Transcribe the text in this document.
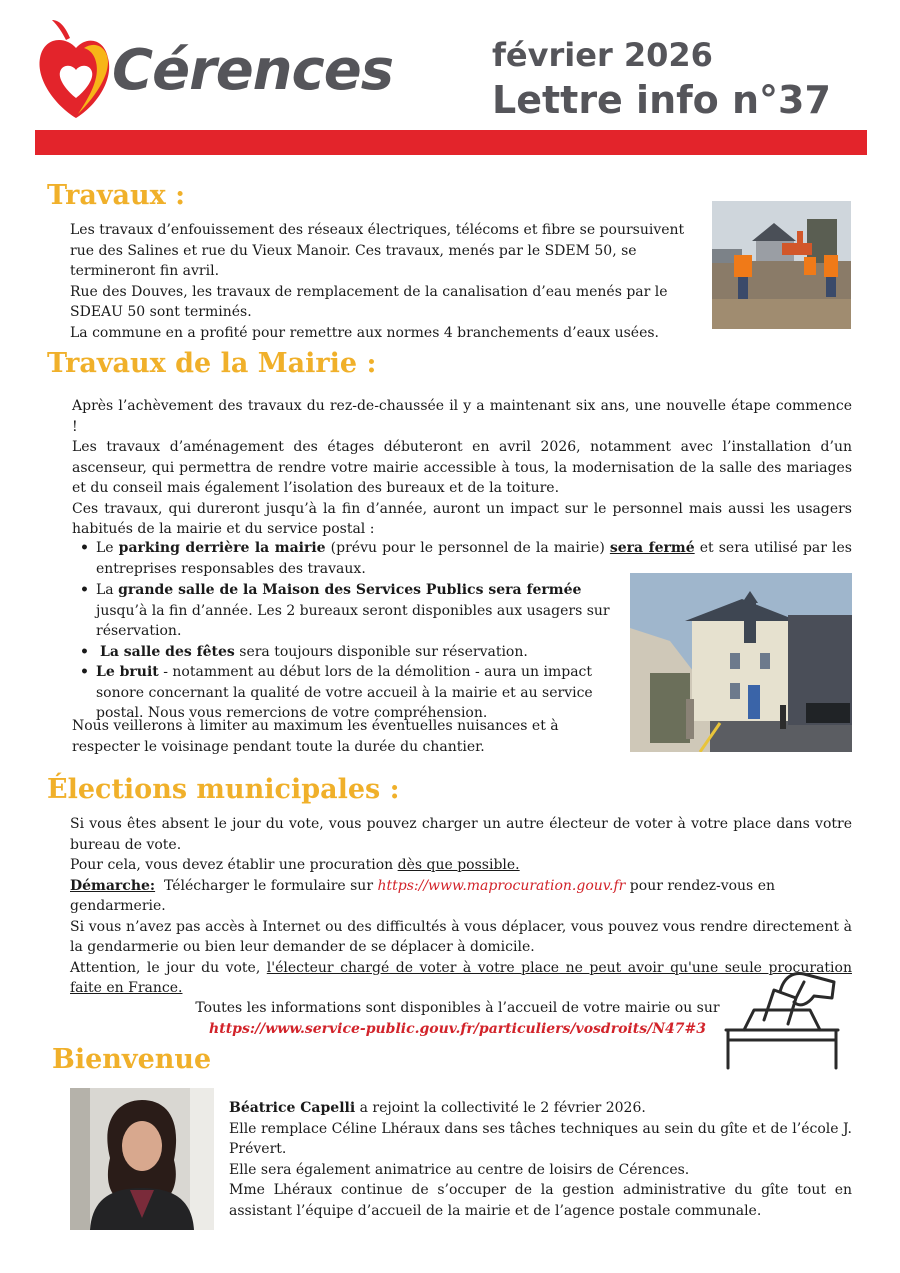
Cérences	février 2026
Lettre info n°37
Travaux :

Les travaux d’enfouissement des réseaux électriques, télécoms et fibre se poursuivent rue des Salines et rue du Vieux Manoir. Ces travaux, menés par le SDEM 50, se termineront fin avril.

Rue des Douves, les travaux de remplacement de la canalisation d’eau menés par le SDEAU 50 sont terminés.

La commune en a profité pour remettre aux normes 4 branchements d’eaux usées.

Travaux de la Mairie :

Après l’achèvement des travaux du rez-de-chaussée il y a maintenant six ans, une nouvelle étape commence !

Les travaux d’aménagement des étages débuteront en avril 2026, notamment avec l’installation d’un ascenseur, qui permettra de rendre votre mairie accessible à tous, la modernisation de la salle des mariages et du conseil mais également l’isolation des bureaux et de la toiture.

Ces travaux, qui dureront jusqu’à la fin d’année, auront un impact sur le personnel mais aussi les usagers habitués de la mairie et du service postal :

• Le parking derrière la mairie (prévu pour le personnel de la mairie) sera fermé et sera utilisé par les entreprises responsables des travaux.
• La grande salle de la Maison des Services Publics sera fermée jusqu’à la fin d’année. Les 2 bureaux seront disponibles aux usagers sur réservation.
• La salle des fêtes sera toujours disponible sur réservation.
• Le bruit - notamment au début lors de la démolition - aura un impact sonore concernant la qualité de votre accueil à la mairie et au service postal. Nous vous remercions de votre compréhension.
Nous veillerons à limiter au maximum les éventuelles nuisances et à respecter le voisinage pendant toute la durée du chantier.
Élections municipales :

Si vous êtes absent le jour du vote, vous pouvez charger un autre électeur de voter à votre place dans votre bureau de vote.

Pour cela, vous devez établir une procuration dès que possible.

Démarche:  Télécharger le formulaire sur https://www.maprocuration.gouv.fr pour rendez-vous en gendarmerie.

Si vous n’avez pas accès à Internet ou des difficultés à vous déplacer, vous pouvez vous rendre directement à la gendarmerie ou bien leur demander de se déplacer à domicile.

Attention, le jour du vote, l'électeur chargé de voter à votre place ne peut avoir qu'une seule procuration faite en France.

Toutes les informations sont disponibles à l’accueil de votre mairie ou sur

https://www.service-public.gouv.fr/particuliers/vosdroits/N47#3

Bienvenue

Béatrice Capelli a rejoint la collectivité le 2 février 2026.

Elle remplace Céline Lhéraux dans ses tâches techniques au sein du gîte et de l’école J. Prévert.

Elle sera également animatrice au centre de loisirs de Cérences.

Mme Lhéraux continue de s’occuper de la gestion administrative du gîte tout en assistant l’équipe d’accueil de la mairie et de l’agence postale communale.
